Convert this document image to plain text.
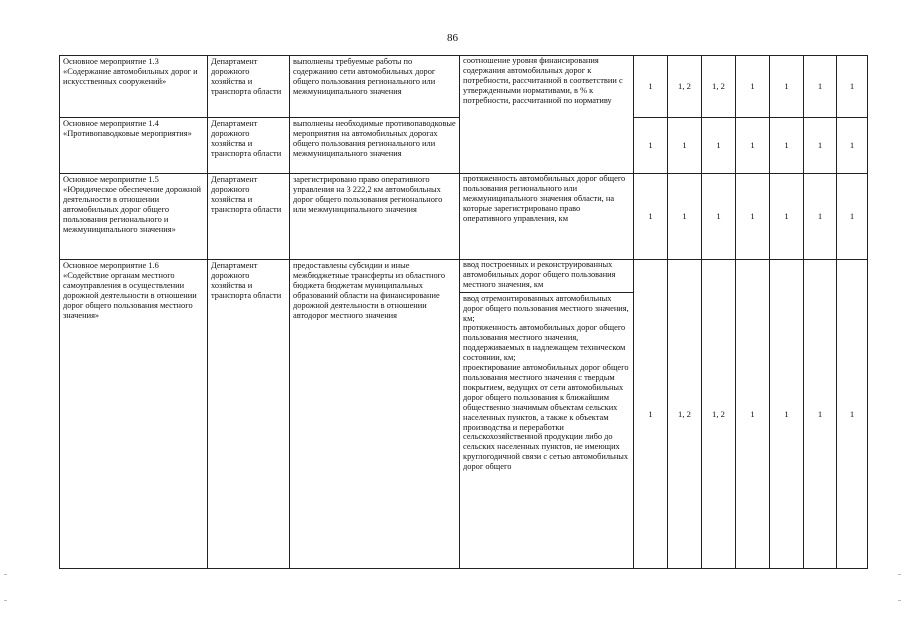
86
Основное мероприятие 1.3 «Содержание автомобильных дорог и искусственных сооружений»	Департамент дорожного хозяйства и транспорта области	выполнены требуемые работы по содержанию сети автомобильных дорог общего пользования регионального или межмуниципального значения	соотношение уровня финансирования содержания автомобильных дорог к потребности, рассчитанной в соответствии с утвержденными нормативами, в % к потребности, рассчитанной по нормативу	1	1, 2	1, 2	1	1	1	1
Основное мероприятие 1.4 «Противопаводковые мероприятия»	Департамент дорожного хозяйства и транспорта области	выполнены необходимые противопаводковые мероприятия на автомобильных дорогах общего пользования регионального или межмуниципального значения		1	1	1	1	1	1	1
Основное мероприятие 1.5 «Юридическое обеспечение дорожной деятельности в отношении автомобильных дорог общего пользования регионального и межмуниципального значения»	Департамент дорожного хозяйства и транспорта области	зарегистрировано право оперативного управления на 3 222,2 км автомобильных дорог общего пользования регионального или межмуниципального значения	протяженность автомобильных дорог общего пользования регионального или межмуниципального значения области, на которые зарегистрировано право оперативного управления, км	1	1	1	1	1	1	1
Основное мероприятие 1.6 «Содействие органам местного самоуправления в осуществлении дорожной деятельности в отношении дорог общего пользования местного значения»	Департамент дорожного хозяйства и транспорта области	предоставлены субсидии и иные межбюджетные трансферты из областного бюджета бюджетам муниципальных образований области на финансирование дорожной деятельности в отношении автодорог местного значения	ввод построенных и реконструированных автомобильных дорог общего пользования местного значения, км
ввод отремонтированных автомобильных дорог общего пользования местного значения, км;
протяженность автомобильных дорог общего пользования местного значения, поддерживаемых в надлежащем техническом состоянии, км;
проектирование автомобильных дорог общего пользования местного значения с твердым покрытием, ведущих от сети автомобильных дорог общего пользования к ближайшим общественно значимым объектам сельских населенных пунктов, а также к объектам производства и переработки сельскохозяйственной продукции либо до сельских населенных пунктов, не имеющих круглогодичной связи с сетью автомобильных дорог общего	1	1, 2	1, 2	1	1	1	1
